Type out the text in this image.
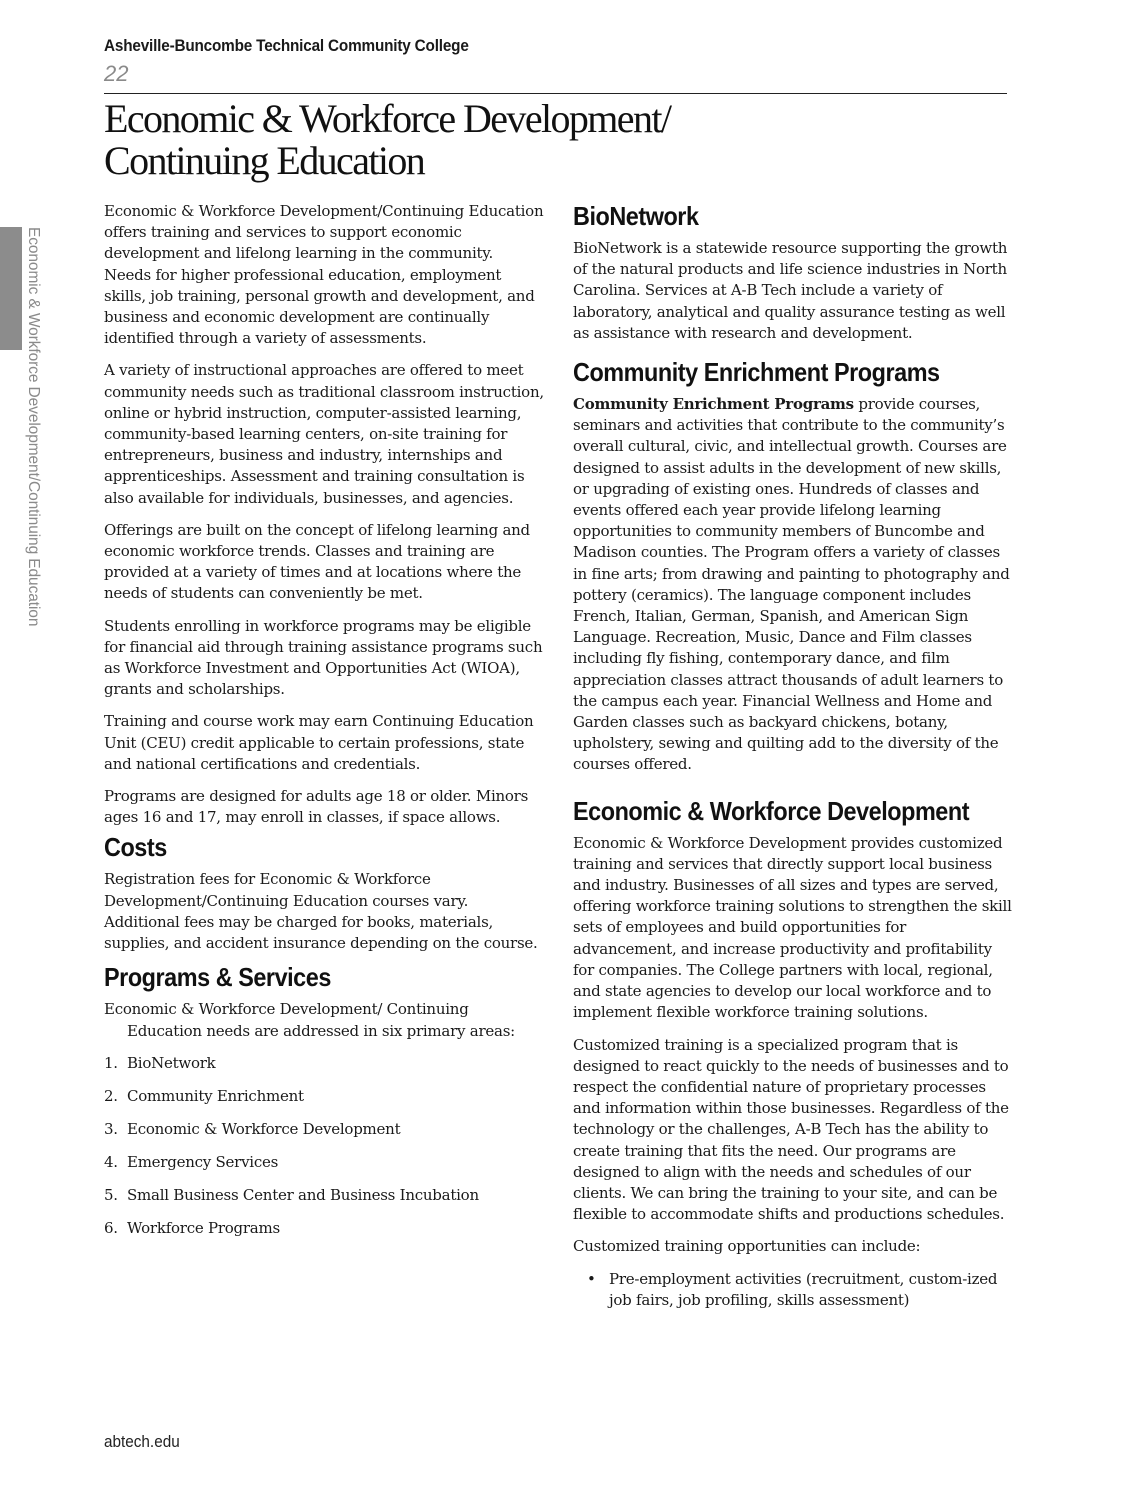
Asheville-Buncombe Technical Community College
22
Economic & Workforce Development/
Continuing Education
Economic & Workforce Development/Continuing Education

Economic & Workforce Development/Continuing Education offers training and services to support economic development and lifelong learning in the community. Needs for higher professional education, employment skills, job training, personal growth and development, and business and economic development are continually identified through a variety of assessments.

A variety of instructional approaches are offered to meet community needs such as traditional classroom instruction, online or hybrid instruction, computer-assisted learning, community-based learning centers, on-site training for entrepreneurs, business and industry, internships and apprenticeships. Assessment and training consultation is also available for individuals, businesses, and agencies.

Offerings are built on the concept of lifelong learning and economic workforce trends. Classes and training are provided at a variety of times and at locations where the needs of students can conveniently be met.

Students enrolling in workforce programs may be eligible for financial aid through training assistance programs such as Workforce Investment and Opportunities Act (WIOA), grants and scholarships.

Training and course work may earn Continuing Education Unit (CEU) credit applicable to certain professions, state and national certifications and credentials.

Programs are designed for adults age 18 or older. Minors ages 16 and 17, may enroll in classes, if space allows.

Costs

Registration fees for Economic & Workforce Development/Continuing Education courses vary. Additional fees may be charged for books, materials, supplies, and accident insurance depending on the course.

Programs & Services

Economic & Workforce Development/ Continuing Education needs are addressed in six primary areas:

1. BioNetwork
2. Community Enrichment
3. Economic & Workforce Development
4. Emergency Services
5. Small Business Center and Business Incubation
6. Workforce Programs
BioNetwork

BioNetwork is a statewide resource supporting the growth of the natural products and life science industries in North Carolina. Services at A-B Tech include a variety of laboratory, analytical and quality assurance testing as well as assistance with research and development.

Community Enrichment Programs

Community Enrichment Programs provide courses, seminars and activities that contribute to the community’s overall cultural, civic, and intellectual growth. Courses are designed to assist adults in the development of new skills, or upgrading of existing ones. Hundreds of classes and events offered each year provide lifelong learning opportunities to community members of Buncombe and Madison counties. The Program offers a variety of classes in fine arts; from drawing and painting to photography and pottery (ceramics). The language component includes French, Italian, German, Spanish, and American Sign Language. Recreation, Music, Dance and Film classes including fly fishing, contemporary dance, and film appreciation classes attract thousands of adult learners to the campus each year. Financial Wellness and Home and Garden classes such as backyard chickens, botany, upholstery, sewing and quilting add to the diversity of the courses offered.

Economic & Workforce Development

Economic & Workforce Development provides customized training and services that directly support local business and industry. Businesses of all sizes and types are served, offering workforce training solutions to strengthen the skill sets of employees and build opportunities for advancement, and increase productivity and profitability for companies. The College partners with local, regional, and state agencies to develop our local workforce and to implement flexible workforce training solutions.

Customized training is a specialized program that is designed to react quickly to the needs of businesses and to respect the confidential nature of proprietary processes and information within those businesses. Regardless of the technology or the challenges, A-B Tech has the ability to create training that fits the need. Our programs are designed to align with the needs and schedules of our clients. We can bring the training to your site, and can be flexible to accommodate shifts and productions schedules.

Customized training opportunities can include:

• Pre-employment activities (recruitment, custom-ized job fairs, job profiling, skills assessment)
abtech.edu
